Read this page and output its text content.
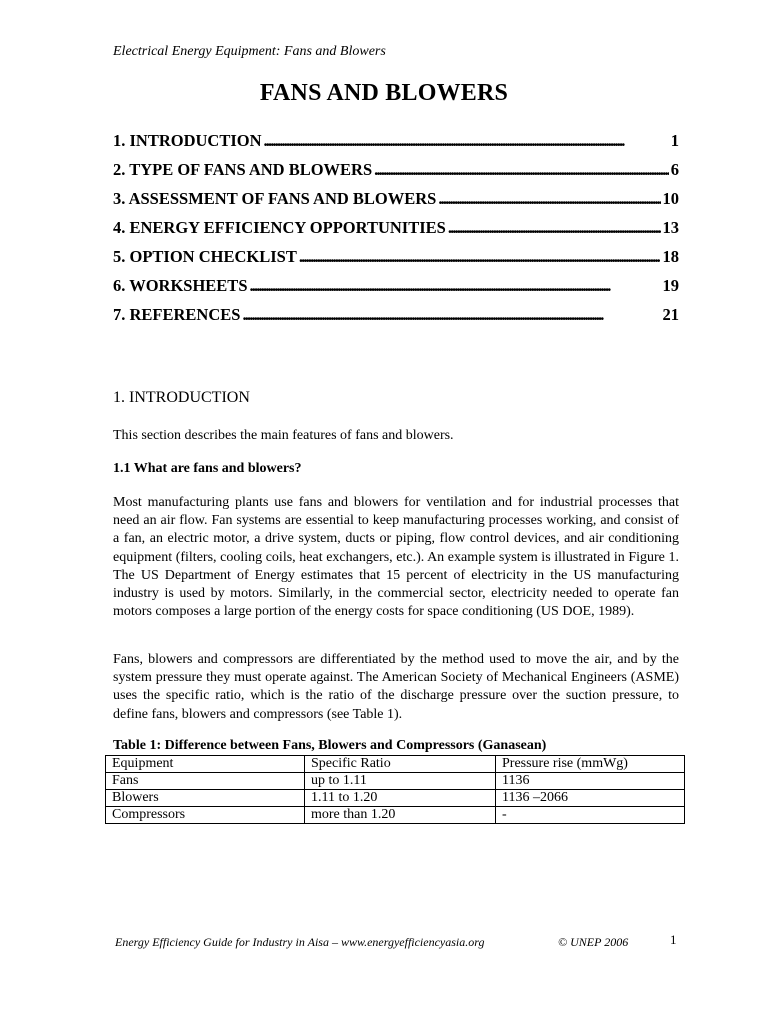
Electrical Energy Equipment: Fans and Blowers
FANS AND BLOWERS
1. INTRODUCTION . . .	1
2. TYPE OF FANS AND BLOWERS . . .	6
3. ASSESSMENT OF FANS AND BLOWERS . . .	10
4. ENERGY EFFICIENCY OPPORTUNITIES . . .	13
5. OPTION CHECKLIST . . .	18
6. WORKSHEETS . . .	19
7. REFERENCES . . .	21
1. INTRODUCTION
This section describes the main features of fans and blowers.
1.1 What are fans and blowers?
Most manufacturing plants use fans and blowers for ventilation and for industrial processes that need an air flow. Fan systems are essential to keep manufacturing processes working, and consist of a fan, an electric motor, a drive system, ducts or piping, flow control devices, and air conditioning equipment (filters, cooling coils, heat exchangers, etc.). An example system is illustrated in Figure 1. The US Department of Energy estimates that 15 percent of electricity in the US manufacturing industry is used by motors. Similarly, in the commercial sector, electricity needed to operate fan motors composes a large portion of the energy costs for space conditioning (US DOE, 1989).
Fans, blowers and compressors are differentiated by the method used to move the air, and by the system pressure they must operate against. The American Society of Mechanical Engineers (ASME) uses the specific ratio, which is the ratio of the discharge pressure over the suction pressure, to define fans, blowers and compressors (see Table 1).
Table 1: Difference between Fans, Blowers and Compressors (Ganasean)
Equipment	Specific Ratio	Pressure rise (mmWg)
Fans	up to 1.11	1136
Blowers	1.11 to 1.20	1136 –2066
Compressors	more than 1.20	-
Energy Efficiency Guide for Industry in Aisa – www.energyefficiencyasia.org	© UNEP 2006	1
